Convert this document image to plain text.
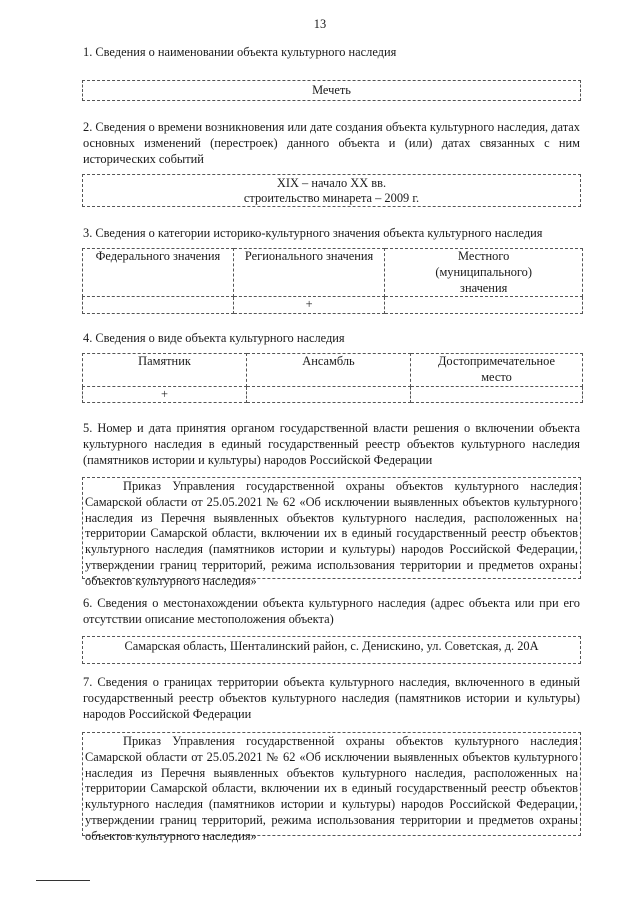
13
1. Сведения о наименовании объекта культурного наследия
Мечеть
2. Сведения о времени возникновения или дате создания объекта культурного наследия, датах основных изменений (перестроек) данного объекта и (или) датах связанных с ним исторических событий
XIX – начало XX вв.
строительство минарета – 2009 г.
3. Сведения о категории историко-культурного значения объекта культурного наследия
Федерального значения	Регионального значения	Местного (муниципального) значения
	+	
4. Сведения о виде объекта культурного наследия
Памятник	Ансамбль	Достопримечательное место
+		
5. Номер и дата принятия органом государственной власти решения о включении объекта культурного наследия в единый государственный реестр объектов культурного наследия (памятников истории и культуры) народов Российской Федерации
Приказ Управления государственной охраны объектов культурного наследия Самарской области от 25.05.2021 № 62 «Об исключении выявленных объектов культурного наследия из Перечня выявленных объектов культурного наследия, расположенных на территории Самарской области, включении их в единый государственный реестр объектов культурного наследия (памятников истории и культуры) народов Российской Федерации, утверждении границ территорий, режима использования территории и предметов охраны объектов культурного наследия»
6. Сведения о местонахождении объекта культурного наследия (адрес объекта или при его отсутствии описание местоположения объекта)
Самарская область, Шенталинский район, с. Денискино, ул. Советская, д. 20А
7. Сведения о границах территории объекта культурного наследия, включенного в единый государственный реестр объектов культурного наследия (памятников истории и культуры) народов Российской Федерации
Приказ Управления государственной охраны объектов культурного наследия Самарской области от 25.05.2021 № 62 «Об исключении выявленных объектов культурного наследия из Перечня выявленных объектов культурного наследия, расположенных на территории Самарской области, включении их в единый государственный реестр объектов культурного наследия (памятников истории и культуры) народов Российской Федерации, утверждении границ территорий, режима использования территории и предметов охраны объектов культурного наследия»
